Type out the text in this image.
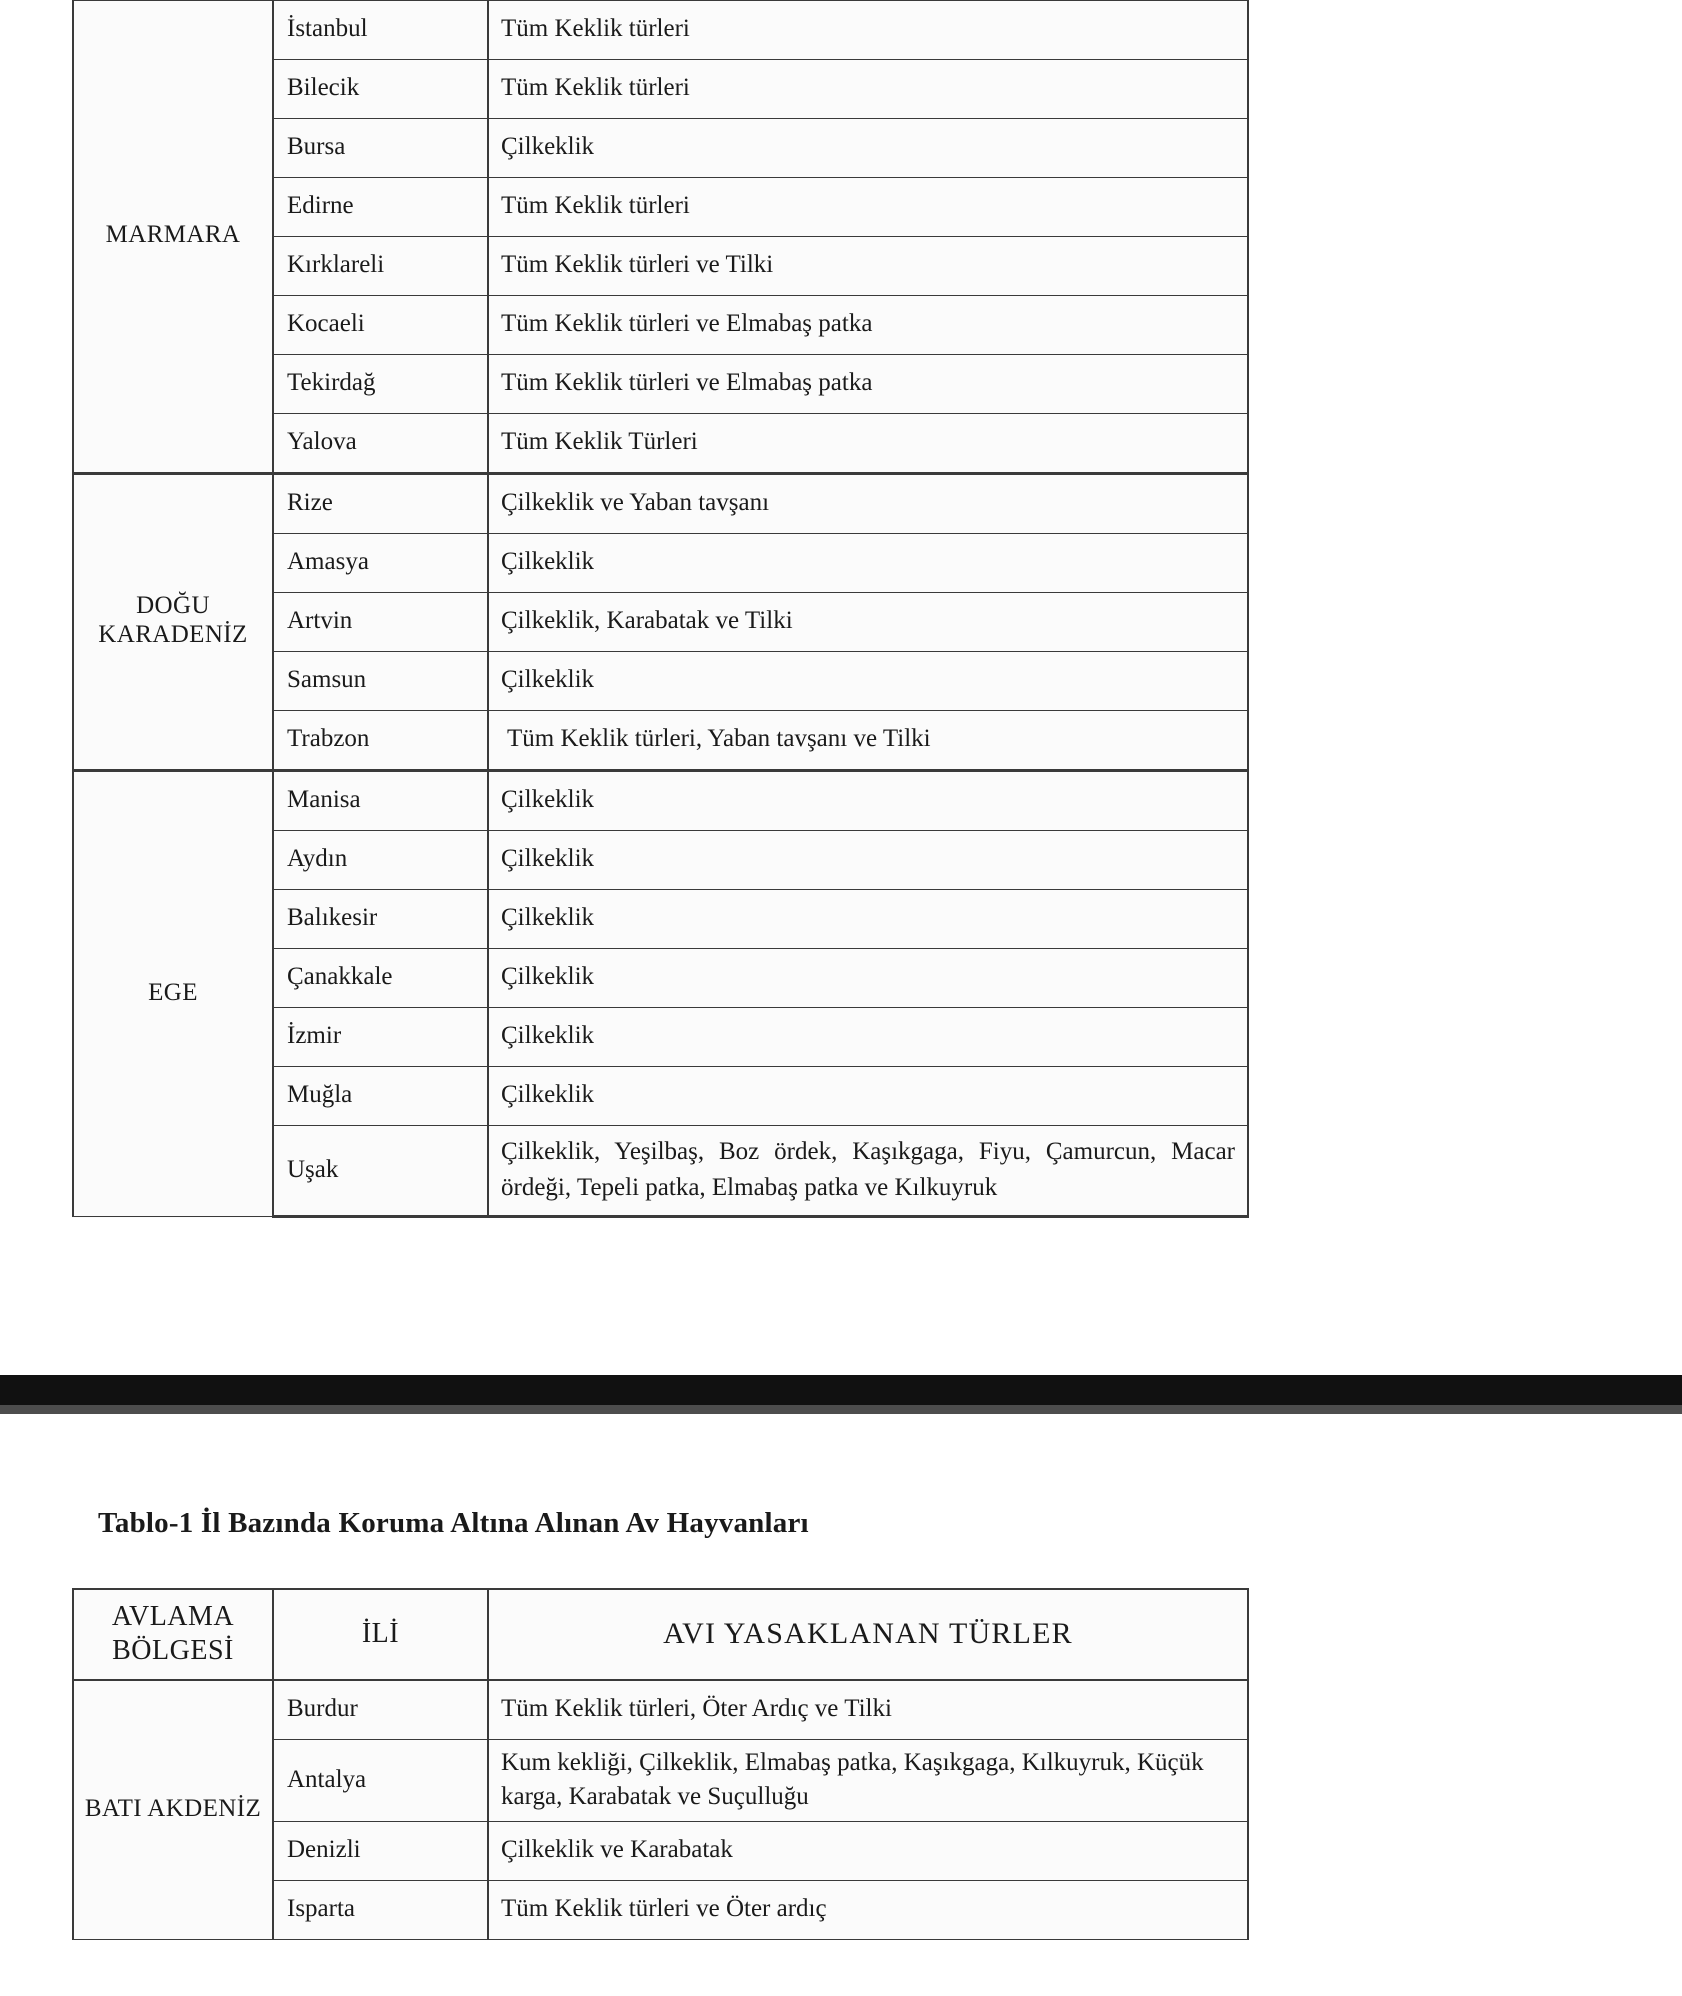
MARMARA	İstanbul	Tüm Keklik türleri
	Bilecik	Tüm Keklik türleri
	Bursa	Çilkeklik
	Edirne	Tüm Keklik türleri
	Kırklareli	Tüm Keklik türleri ve Tilki
	Kocaeli	Tüm Keklik türleri ve Elmabaş patka
	Tekirdağ	Tüm Keklik türleri ve Elmabaş patka
	Yalova	Tüm Keklik Türleri
DOĞU KARADENİZ	Rize	Çilkeklik ve Yaban tavşanı
	Amasya	Çilkeklik
	Artvin	Çilkeklik, Karabatak ve Tilki
	Samsun	Çilkeklik
	Trabzon	Tüm Keklik türleri, Yaban tavşanı ve Tilki
EGE	Manisa	Çilkeklik
	Aydın	Çilkeklik
	Balıkesir	Çilkeklik
	Çanakkale	Çilkeklik
	İzmir	Çilkeklik
	Muğla	Çilkeklik
	Uşak	Çilkeklik, Yeşilbaş, Boz ördek, Kaşıkgaga, Fiyu, Çamurcun, Macar ördeği, Tepeli patka, Elmabaş patka ve Kılkuyruk
Tablo-1 İl Bazında Koruma Altına Alınan Av Hayvanları
AVLAMA BÖLGESİ	İLİ	AVI YASAKLANAN TÜRLER
BATI AKDENİZ	Burdur	Tüm Keklik türleri, Öter Ardıç ve Tilki
	Antalya	Kum kekliği, Çilkeklik, Elmabaş patka, Kaşıkgaga, Kılkuyruk, Küçük karga, Karabatak ve Suçulluğu
	Denizli	Çilkeklik ve Karabatak
	Isparta	Tüm Keklik türleri ve Öter ardıç
